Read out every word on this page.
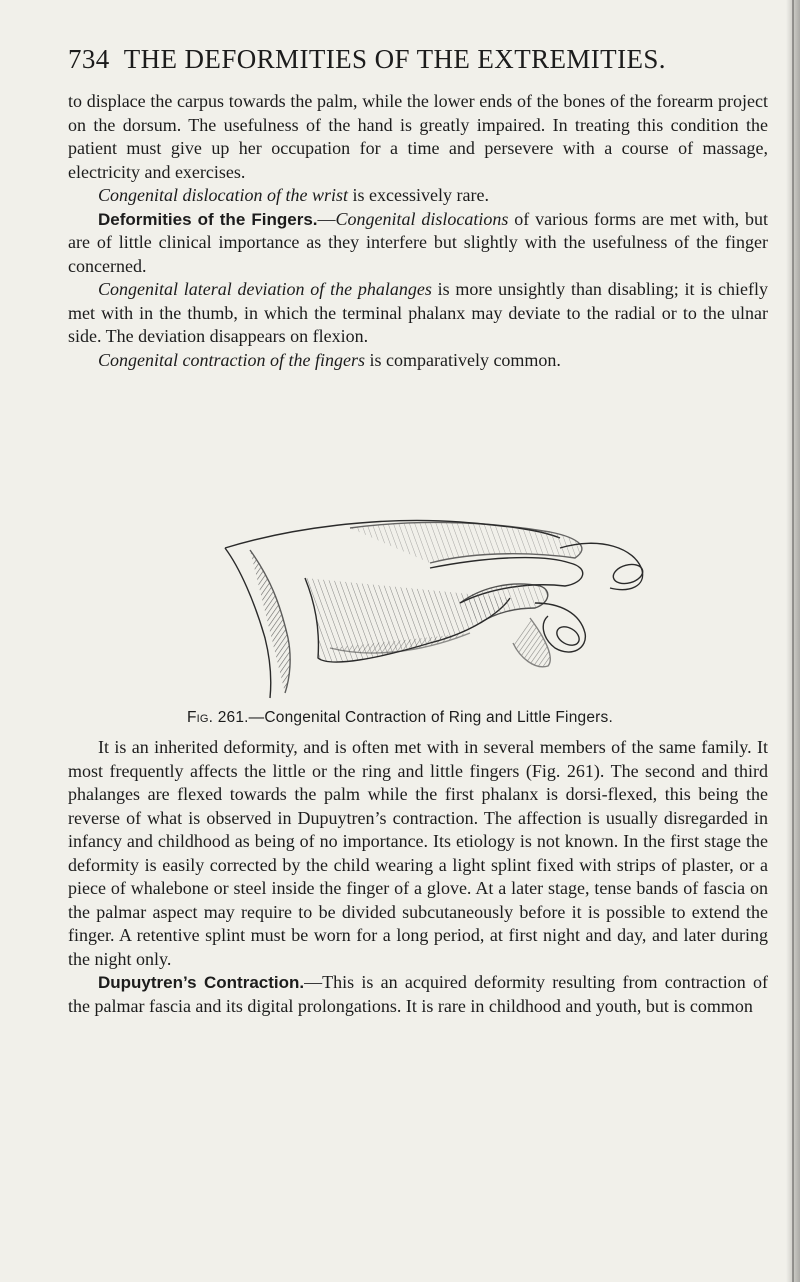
734 THE DEFORMITIES OF THE EXTREMITIES.

to displace the carpus towards the palm, while the lower ends of the bones of the forearm project on the dorsum. The usefulness of the hand is greatly impaired. In treating this condition the patient must give up her occupation for a time and persevere with a course of massage, electricity and exercises.

Congenital dislocation of the wrist is excessively rare.

Deformities of the Fingers.—Congenital dislocations of various forms are met with, but are of little clinical importance as they interfere but slightly with the usefulness of the finger concerned.

Congenital lateral deviation of the phalanges is more unsightly than disabling; it is chiefly met with in the thumb, in which the terminal phalanx may deviate to the radial or to the ulnar side. The deviation disappears on flexion.

Congenital contraction of the fingers is comparatively common.

Fig. 261.—Congenital Contraction of Ring and Little Fingers.

It is an inherited deformity, and is often met with in several members of the same family. It most frequently affects the little or the ring and little fingers (Fig. 261). The second and third phalanges are flexed towards the palm while the first phalanx is dorsi-flexed, this being the reverse of what is observed in Dupuytren’s contraction. The affection is usually disregarded in infancy and childhood as being of no importance. Its etiology is not known. In the first stage the deformity is easily corrected by the child wearing a light splint fixed with strips of plaster, or a piece of whalebone or steel inside the finger of a glove. At a later stage, tense bands of fascia on the palmar aspect may require to be divided subcutaneously before it is possible to extend the finger. A retentive splint must be worn for a long period, at first night and day, and later during the night only.

Dupuytren’s Contraction.—This is an acquired deformity resulting from contraction of the palmar fascia and its digital prolongations. It is rare in childhood and youth, but is common
